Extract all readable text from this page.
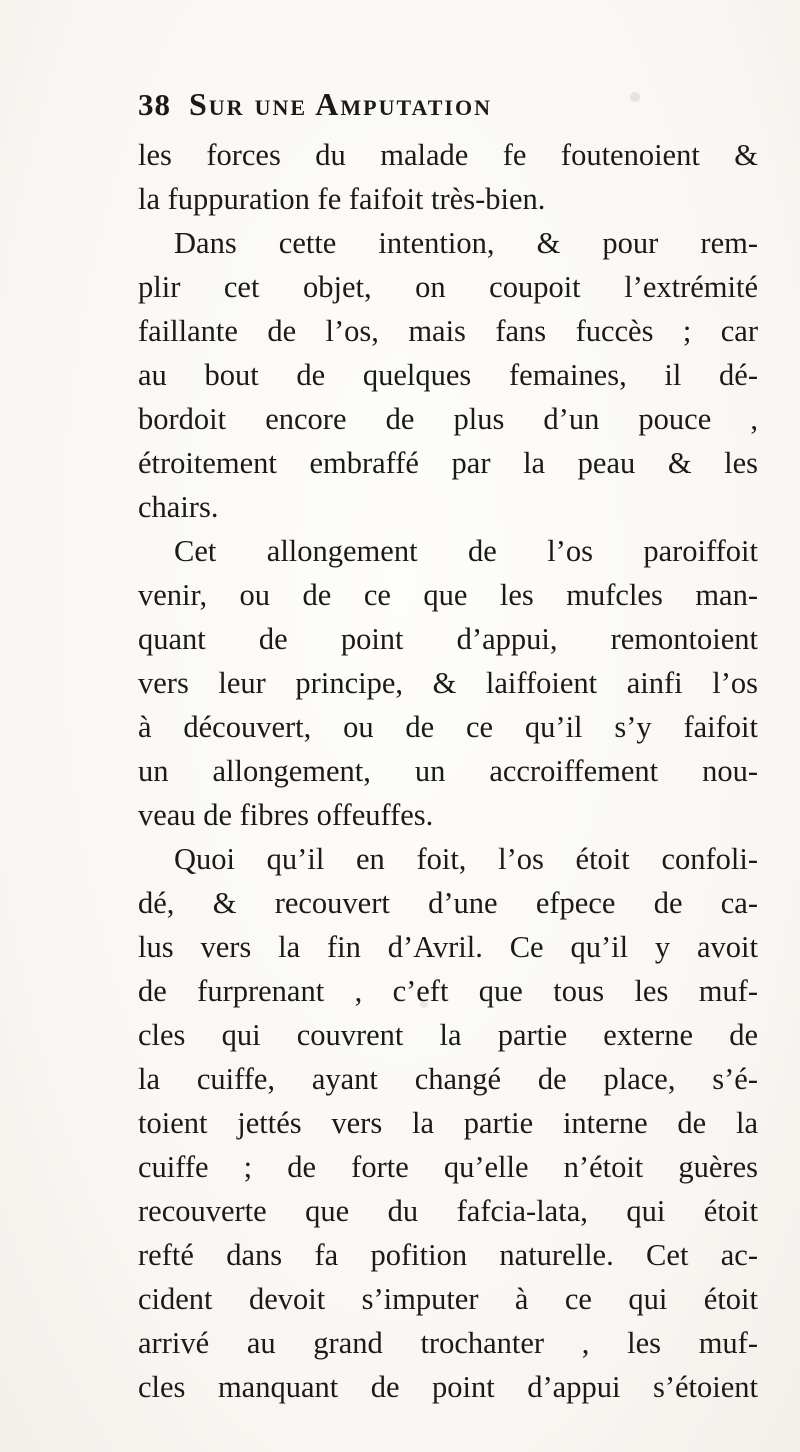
38 Sur une Amputation
les forces du malade fe foutenoient &
la fuppuration fe faifoit très-bien.
Dans cette intention, & pour rem-
plir cet objet, on coupoit l’extrémité
faillante de l’os, mais fans fuccès ; car
au bout de quelques femaines, il dé-
bordoit encore de plus d’un pouce ,
étroitement embraffé par la peau & les
chairs.
Cet allongement de l’os paroiffoit
venir, ou de ce que les mufcles man-
quant de point d’appui, remontoient
vers leur principe, & laiffoient ainfi l’os
à découvert, ou de ce qu’il s’y faifoit
un allongement, un accroiffement nou-
veau de fibres offeuffes.
Quoi qu’il en foit, l’os étoit confoli-
dé, & recouvert d’une efpece de ca-
lus vers la fin d’Avril. Ce qu’il y avoit
de furprenant , c’eft que tous les muf-
cles qui couvrent la partie externe de
la cuiffe, ayant changé de place, s’é-
toient jettés vers la partie interne de la
cuiffe ; de forte qu’elle n’étoit guères
recouverte que du fafcia-lata, qui étoit
refté dans fa pofition naturelle. Cet ac-
cident devoit s’imputer à ce qui étoit
arrivé au grand trochanter , les muf-
cles manquant de point d’appui s’étoient
